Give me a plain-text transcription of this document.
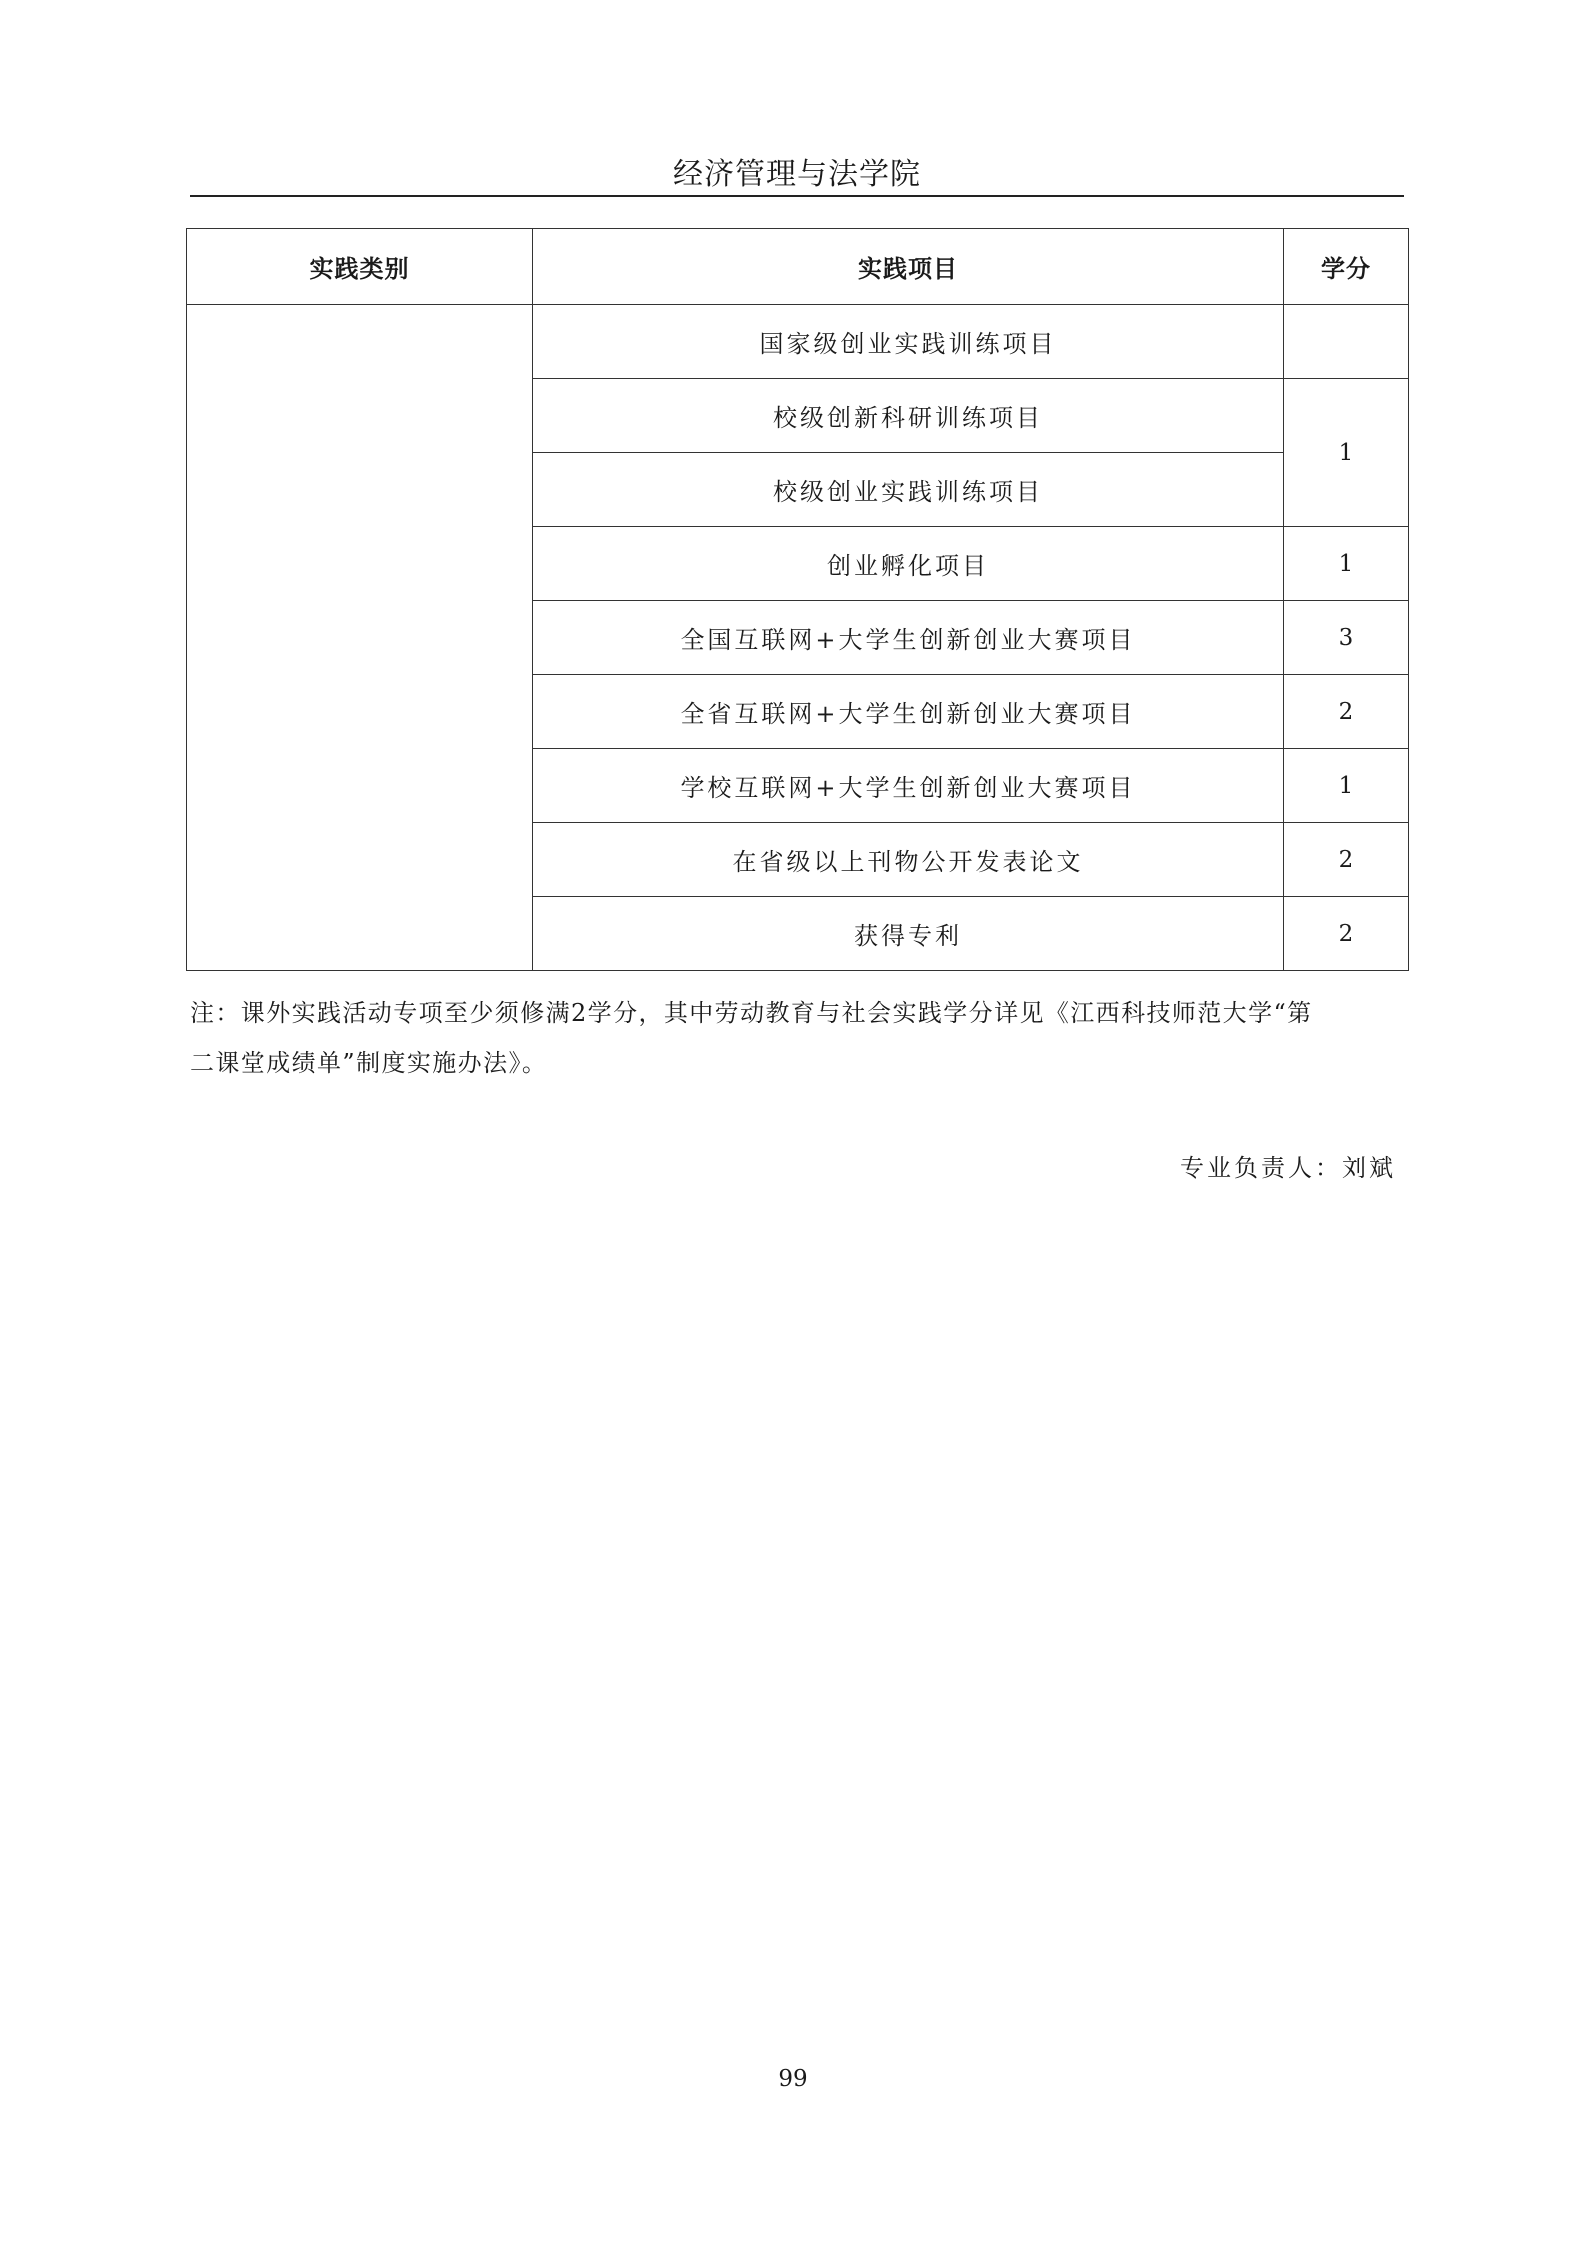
经济管理与法学院
实践类别	实践项目	学分
	国家级创业实践训练项目	
	校级创新科研训练项目	1
	校级创业实践训练项目	
	创业孵化项目	1
	全国互联网+大学生创新创业大赛项目	3
	全省互联网+大学生创新创业大赛项目	2
	学校互联网+大学生创新创业大赛项目	1
	在省级以上刊物公开发表论文	2
	获得专利	2

注：课外实践活动专项至少须修满2学分，其中劳动教育与社会实践学分详见《江西科技师范大学“第
二课堂成绩单”制度实施办法》。

专业负责人：刘斌
99
